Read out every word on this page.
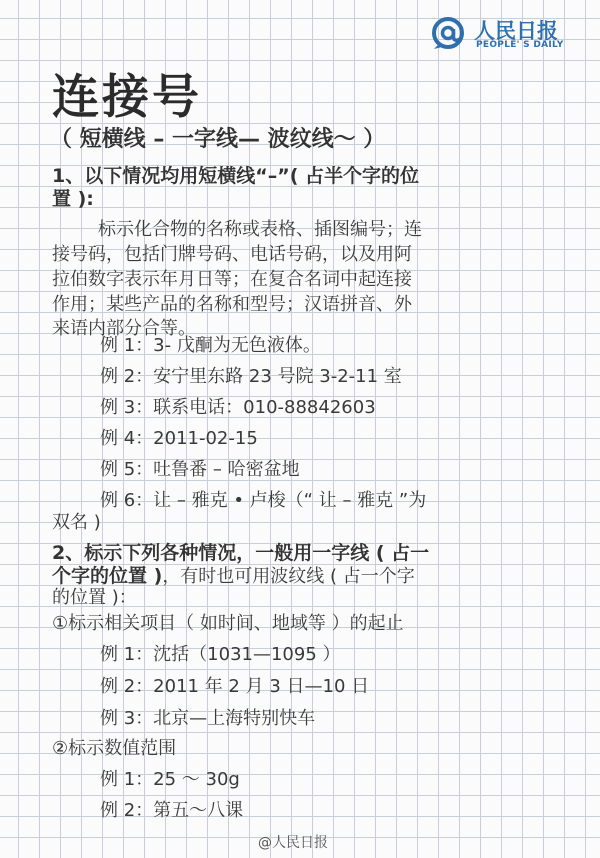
人民日报
PEOPLE' S DAILY
连接号
（ 短横线 – 一字线— 波纹线～ ）
1、以下情况均用短横线“–”( 占半个字的位
置 ):
标示化合物的名称或表格、插图编号；连
接号码，包括门牌号码、电话号码，以及用阿
拉伯数字表示年月日等；在复合名词中起连接
作用；某些产品的名称和型号；汉语拼音、外
来语内部分合等。
例 1：3- 戊酮为无色液体。
例 2：安宁里东路 23 号院 3-2-11 室
例 3：联系电话：010-88842603
例 4：2011-02-15
例 5：吐鲁番 – 哈密盆地
例 6：让 – 雅克 • 卢梭（“ 让 – 雅克 ”为
双名 )
2、标示下列各种情况，一般用一字线 ( 占一
个字的位置 )，有时也可用波纹线 ( 占一个字
的位置 )：
①标示相关项目（ 如时间、地域等 ）的起止
例 1：沈括（1031—1095 ）
例 2：2011 年 2 月 3 日—10 日
例 3：北京—上海特别快车
②标示数值范围
例 1：25 ～ 30g
例 2：第五～八课
@人民日报
